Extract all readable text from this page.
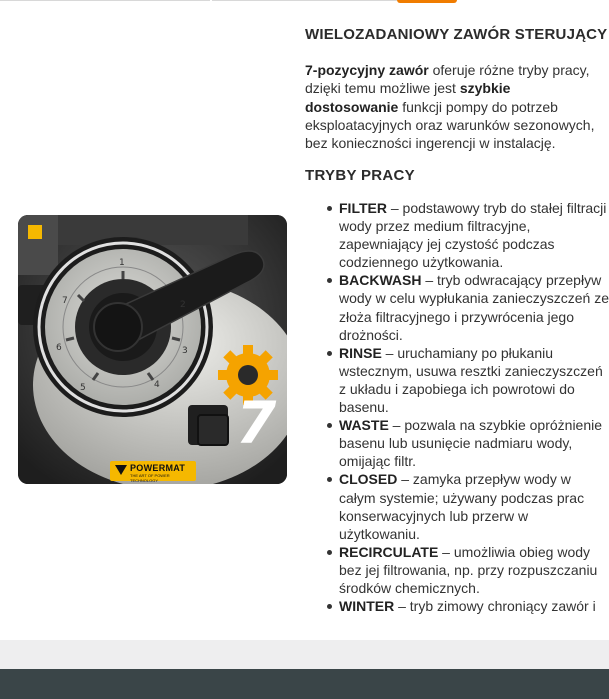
7
1
2
3
4
5
6
7
POWERMAT
THE ART OF POWER TECHNOLOGY
WIELOZADANIOWY ZAWÓR STERUJĄCY

7-pozycyjny zawór oferuje różne tryby pracy, dzięki temu możliwe jest szybkie dostosowanie funkcji pompy do potrzeb eksploatacyjnych oraz warunków sezonowych, bez konieczności ingerencji w instalację.

TRYBY PRACY
FILTER – podstawowy tryb do stałej filtracji wody przez medium filtracyjne, zapewniający jej czystość podczas codziennego użytkowania.
BACKWASH – tryb odwracający przepływ wody w celu wypłukania zanieczyszczeń ze złoża filtracyjnego i przywrócenia jego drożności.
RINSE – uruchamiany po płukaniu wstecznym, usuwa resztki zanieczyszczeń z układu i zapobiega ich powrotowi do basenu.
WASTE – pozwala na szybkie opróżnienie basenu lub usunięcie nadmiaru wody, omijając filtr.
CLOSED – zamyka przepływ wody w całym systemie; używany podczas prac konserwacyjnych lub przerw w użytkowaniu.
RECIRCULATE – umożliwia obieg wody bez jej filtrowania, np. przy rozpuszczaniu środków chemicznych.
WINTER – tryb zimowy chroniący zawór i
